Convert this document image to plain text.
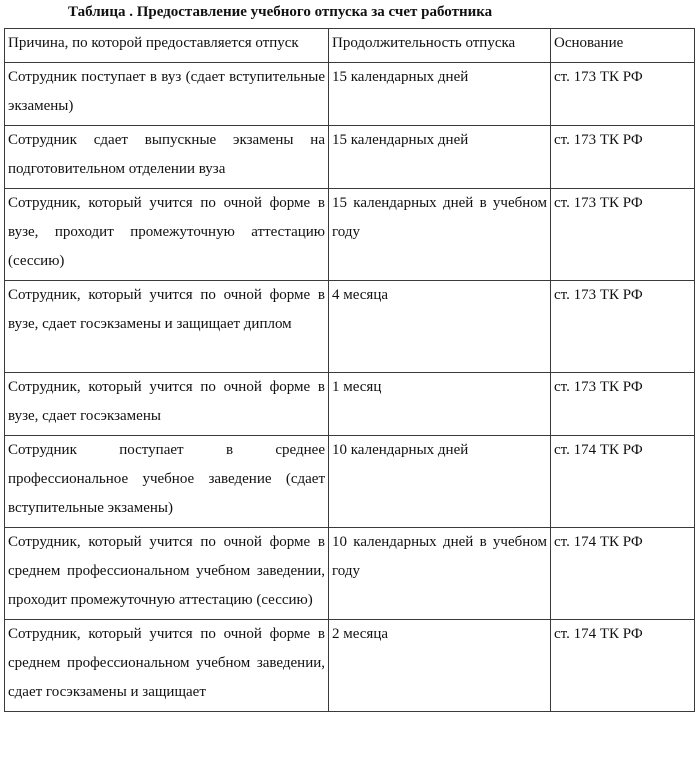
Таблица . Предоставление учебного отпуска за счет работника
Причина, по которой предоставляется отпуск	Продолжительность отпуска	Основание
Сотрудник поступает в вуз (сдает вступительные экзамены)	15 календарных дней	ст. 173 ТК РФ
Сотрудник сдает выпускные экзамены на подготовительном отделении вуза	15 календарных дней	ст. 173 ТК РФ
Сотрудник, который учится по очной форме в вузе, проходит промежуточную аттестацию (сессию)	15 календарных дней в учебном году	ст. 173 ТК РФ
Сотрудник, который учится по очной форме в вузе, сдает госэкзамены и защищает диплом	4 месяца	ст. 173 ТК РФ
Сотрудник, который учится по очной форме в вузе, сдает госэкзамены	1 месяц	ст. 173 ТК РФ
Сотрудник поступает в среднее профессиональное учебное заведение (сдает вступительные экзамены)	10 календарных дней	ст. 174 ТК РФ
Сотрудник, который учится по очной форме в среднем профессиональном учебном заведении, проходит промежуточную аттестацию (сессию)	10 календарных дней в учебном году	ст. 174 ТК РФ
Сотрудник, который учится по очной форме в среднем профессиональном учебном заведении, сдает госэкзамены и защищает	2 месяца	ст. 174 ТК РФ
